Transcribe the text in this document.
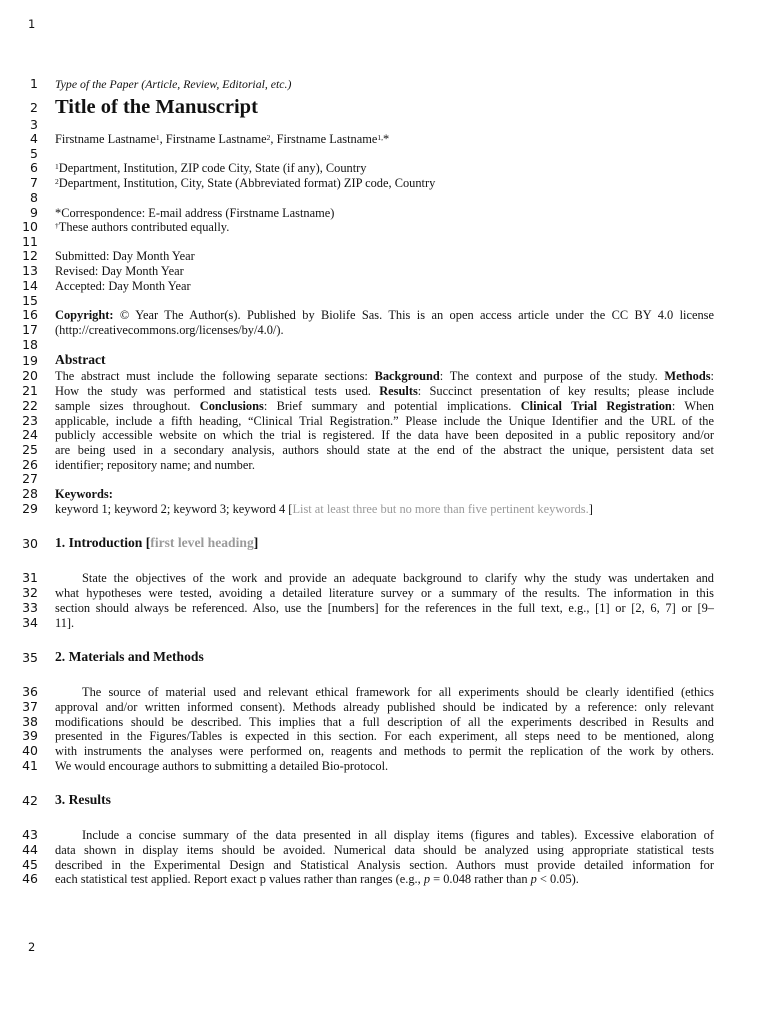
1
1
2
3
4
5
6
7
8
9
10
11
12
13
14
15
16
17
18
19
20
21
22
23
24
25
26
27
28
29
30
31
32
33
34
35
36
37
38
39
40
41
42
43
44
45
46
Type of the Paper (Article, Review, Editorial, etc.)
Title of the Manuscript
Firstname Lastname$^1$, Firstname Lastname$^2$, Firstname Lastname$^{1,}$*
$^1$Department, Institution, ZIP code City, State (if any), Country
$^2$Department, Institution, City, State (Abbreviated format) ZIP code, Country
*Correspondence: E-mail address (Firstname Lastname)
†These authors contributed equally.
Submitted: Day Month Year
Revised: Day Month Year
Accepted: Day Month Year
Copyright: © Year The Author(s). Published by Biolife Sas. This is an open access article under the CC BY 4.0 license
(http://creativecommons.org/licenses/by/4.0/).
Abstract
The abstract must include the following separate sections: Background: The context and purpose of the study. Methods:
How the study was performed and statistical tests used. Results: Succinct presentation of key results; please include
sample sizes throughout. Conclusions: Brief summary and potential implications. Clinical Trial Registration: When
applicable, include a fifth heading, “Clinical Trial Registration.” Please include the Unique Identifier and the URL of the
publicly accessible website on which the trial is registered. If the data have been deposited in a public repository and/or
are being used in a secondary analysis, authors should state at the end of the abstract the unique, persistent data set
identifier; repository name; and number.
Keywords:
keyword 1; keyword 2; keyword 3; keyword 4 [List at least three but no more than five pertinent keywords.]
1. Introduction [first level heading]
State the objectives of the work and provide an adequate background to clarify why the study was undertaken and
what hypotheses were tested, avoiding a detailed literature survey or a summary of the results. The information in this
section should always be referenced. Also, use the [numbers] for the references in the full text, e.g., [1] or [2, 6, 7] or [9–
11].
2. Materials and Methods
The source of material used and relevant ethical framework for all experiments should be clearly identified (ethics
approval and/or written informed consent). Methods already published should be indicated by a reference: only relevant
modifications should be described. This implies that a full description of all the experiments described in Results and
presented in the Figures/Tables is expected in this section. For each experiment, all steps need to be mentioned, along
with instruments the analyses were performed on, reagents and methods to permit the replication of the work by others.
We would encourage authors to submitting a detailed Bio-protocol.
3. Results
Include a concise summary of the data presented in all display items (figures and tables). Excessive elaboration of
data shown in display items should be avoided. Numerical data should be analyzed using appropriate statistical tests
described in the Experimental Design and Statistical Analysis section. Authors must provide detailed information for
each statistical test applied. Report exact p values rather than ranges (e.g., p = 0.048 rather than p < 0.05).
2
